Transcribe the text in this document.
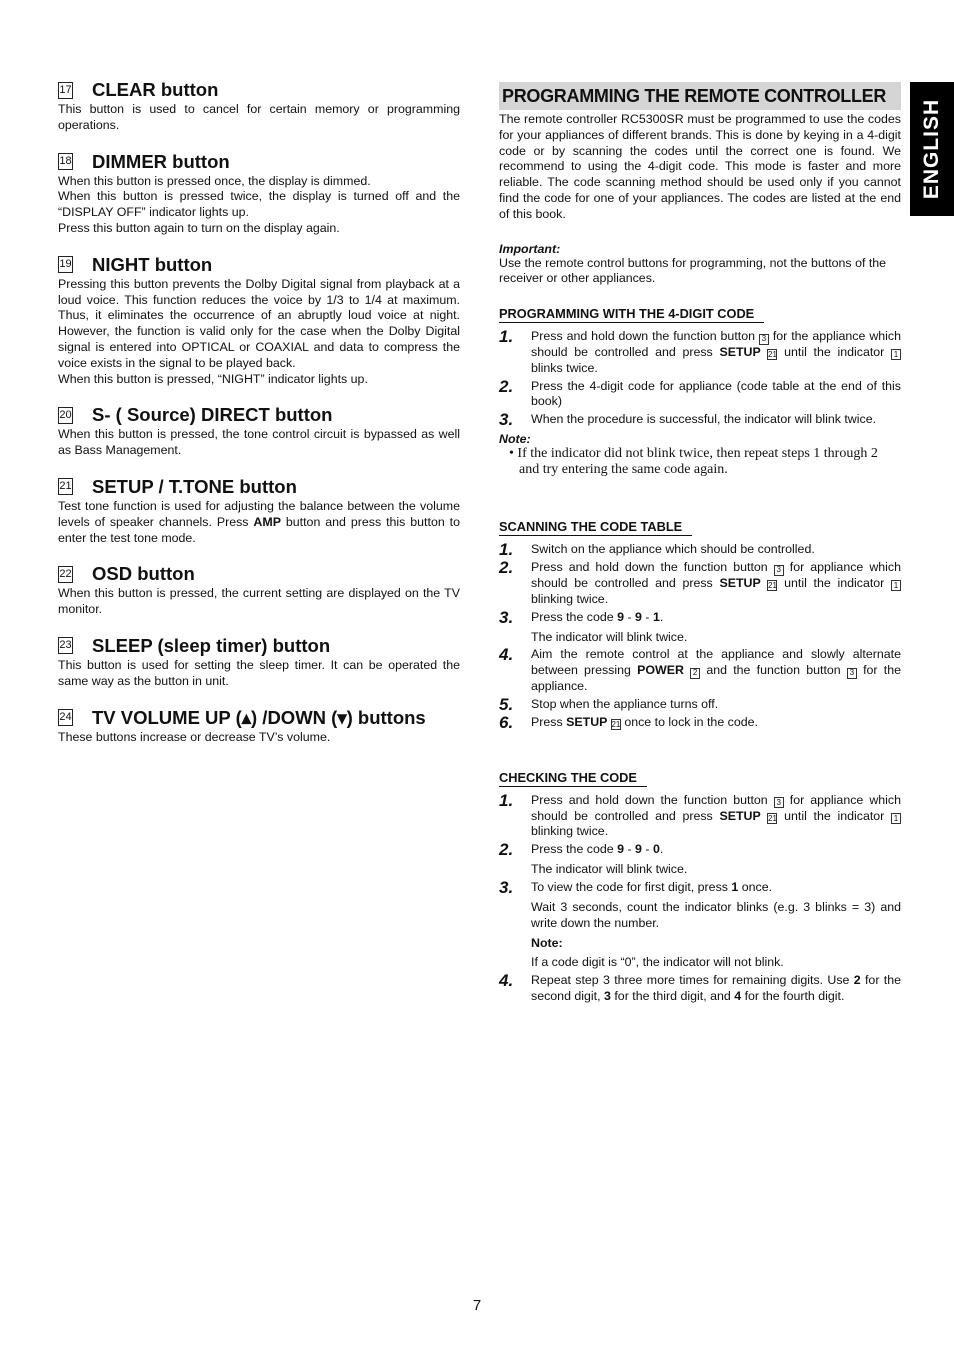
17 CLEAR button

This button is used to cancel for certain memory or programming operations.

18 DIMMER button

When this button is pressed once, the display is dimmed.

When this button is pressed twice, the display is turned off and the “DISPLAY OFF” indicator lights up.

Press this button again to turn on the display again.

19 NIGHT button

Pressing this button prevents the Dolby Digital signal from playback at a loud voice. This function reduces the voice by 1/3 to 1/4 at maximum. Thus, it eliminates the occurrence of an abruptly loud voice at night. However, the function is valid only for the case when the Dolby Digital signal is entered into OPTICAL or COAXIAL and data to compress the voice exists in the signal to be played back.

When this button is pressed, “NIGHT” indicator lights up.

20 S- ( Source) DIRECT button

When this button is pressed, the tone control circuit is bypassed as well as Bass Management.

21 SETUP / T.TONE button

Test tone function is used for adjusting the balance between the volume levels of speaker channels. Press AMP button and press this button to enter the test tone mode.

22 OSD button

When this button is pressed, the current setting are displayed on the TV monitor.

23 SLEEP (sleep timer) button

This button is used for setting the sleep timer. It can be operated the same way as the button in unit.

24 TV VOLUME UP (▴) /DOWN (▾) buttons

These buttons increase or decrease TV’s volume.

ENGLISH
PROGRAMMING THE REMOTE CONTROLLER

The remote controller RC5300SR must be programmed to use the codes for your appliances of different brands. This is done by keying in a 4-digit code or by scanning the codes until the correct one is found. We recommend to using the 4-digit code. This mode is faster and more reliable. The code scanning method should be used only if you cannot find the code for one of your appliances. The codes are listed at the end of this book.

Important:

Use the remote control buttons for programming, not the buttons of the receiver or other appliances.

PROGRAMMING WITH THE 4-DIGIT CODE
1.	Press and hold down the function button 3 for the appliance which should be controlled and press SETUP 21 until the indicator 1 blinks twice.
2.	Press the 4-digit code for appliance (code table at the end of this book)
3.	When the procedure is successful, the indicator will blink twice.
Note:
• If the indicator did not blink twice, then repeat steps 1 through 2 and try entering the same code again.
SCANNING THE CODE TABLE
1.	Switch on the appliance which should be controlled.
2.	Press and hold down the function button 3 for appliance which should be controlled and press SETUP 21 until the indicator 1 blinking twice.
3.	Press the code 9 - 9 - 1.
The indicator will blink twice.
4.	Aim the remote control at the appliance and slowly alternate between pressing POWER 2 and the function button 3 for the appliance.
5.	Stop when the appliance turns off.
6.	Press SETUP 21 once to lock in the code.
CHECKING THE CODE
1.	Press and hold down the function button 3 for appliance which should be controlled and press SETUP 21 until the indicator 1 blinking twice.
2.	Press the code 9 - 9 - 0.
The indicator will blink twice.
3.	To view the code for first digit, press 1 once.
Wait 3 seconds, count the indicator blinks (e.g. 3 blinks = 3) and write down the number.
Note:
If a code digit is “0”, the indicator will not blink.
4.	Repeat step 3 three more times for remaining digits. Use 2 for the second digit, 3 for the third digit, and 4 for the fourth digit.
7
